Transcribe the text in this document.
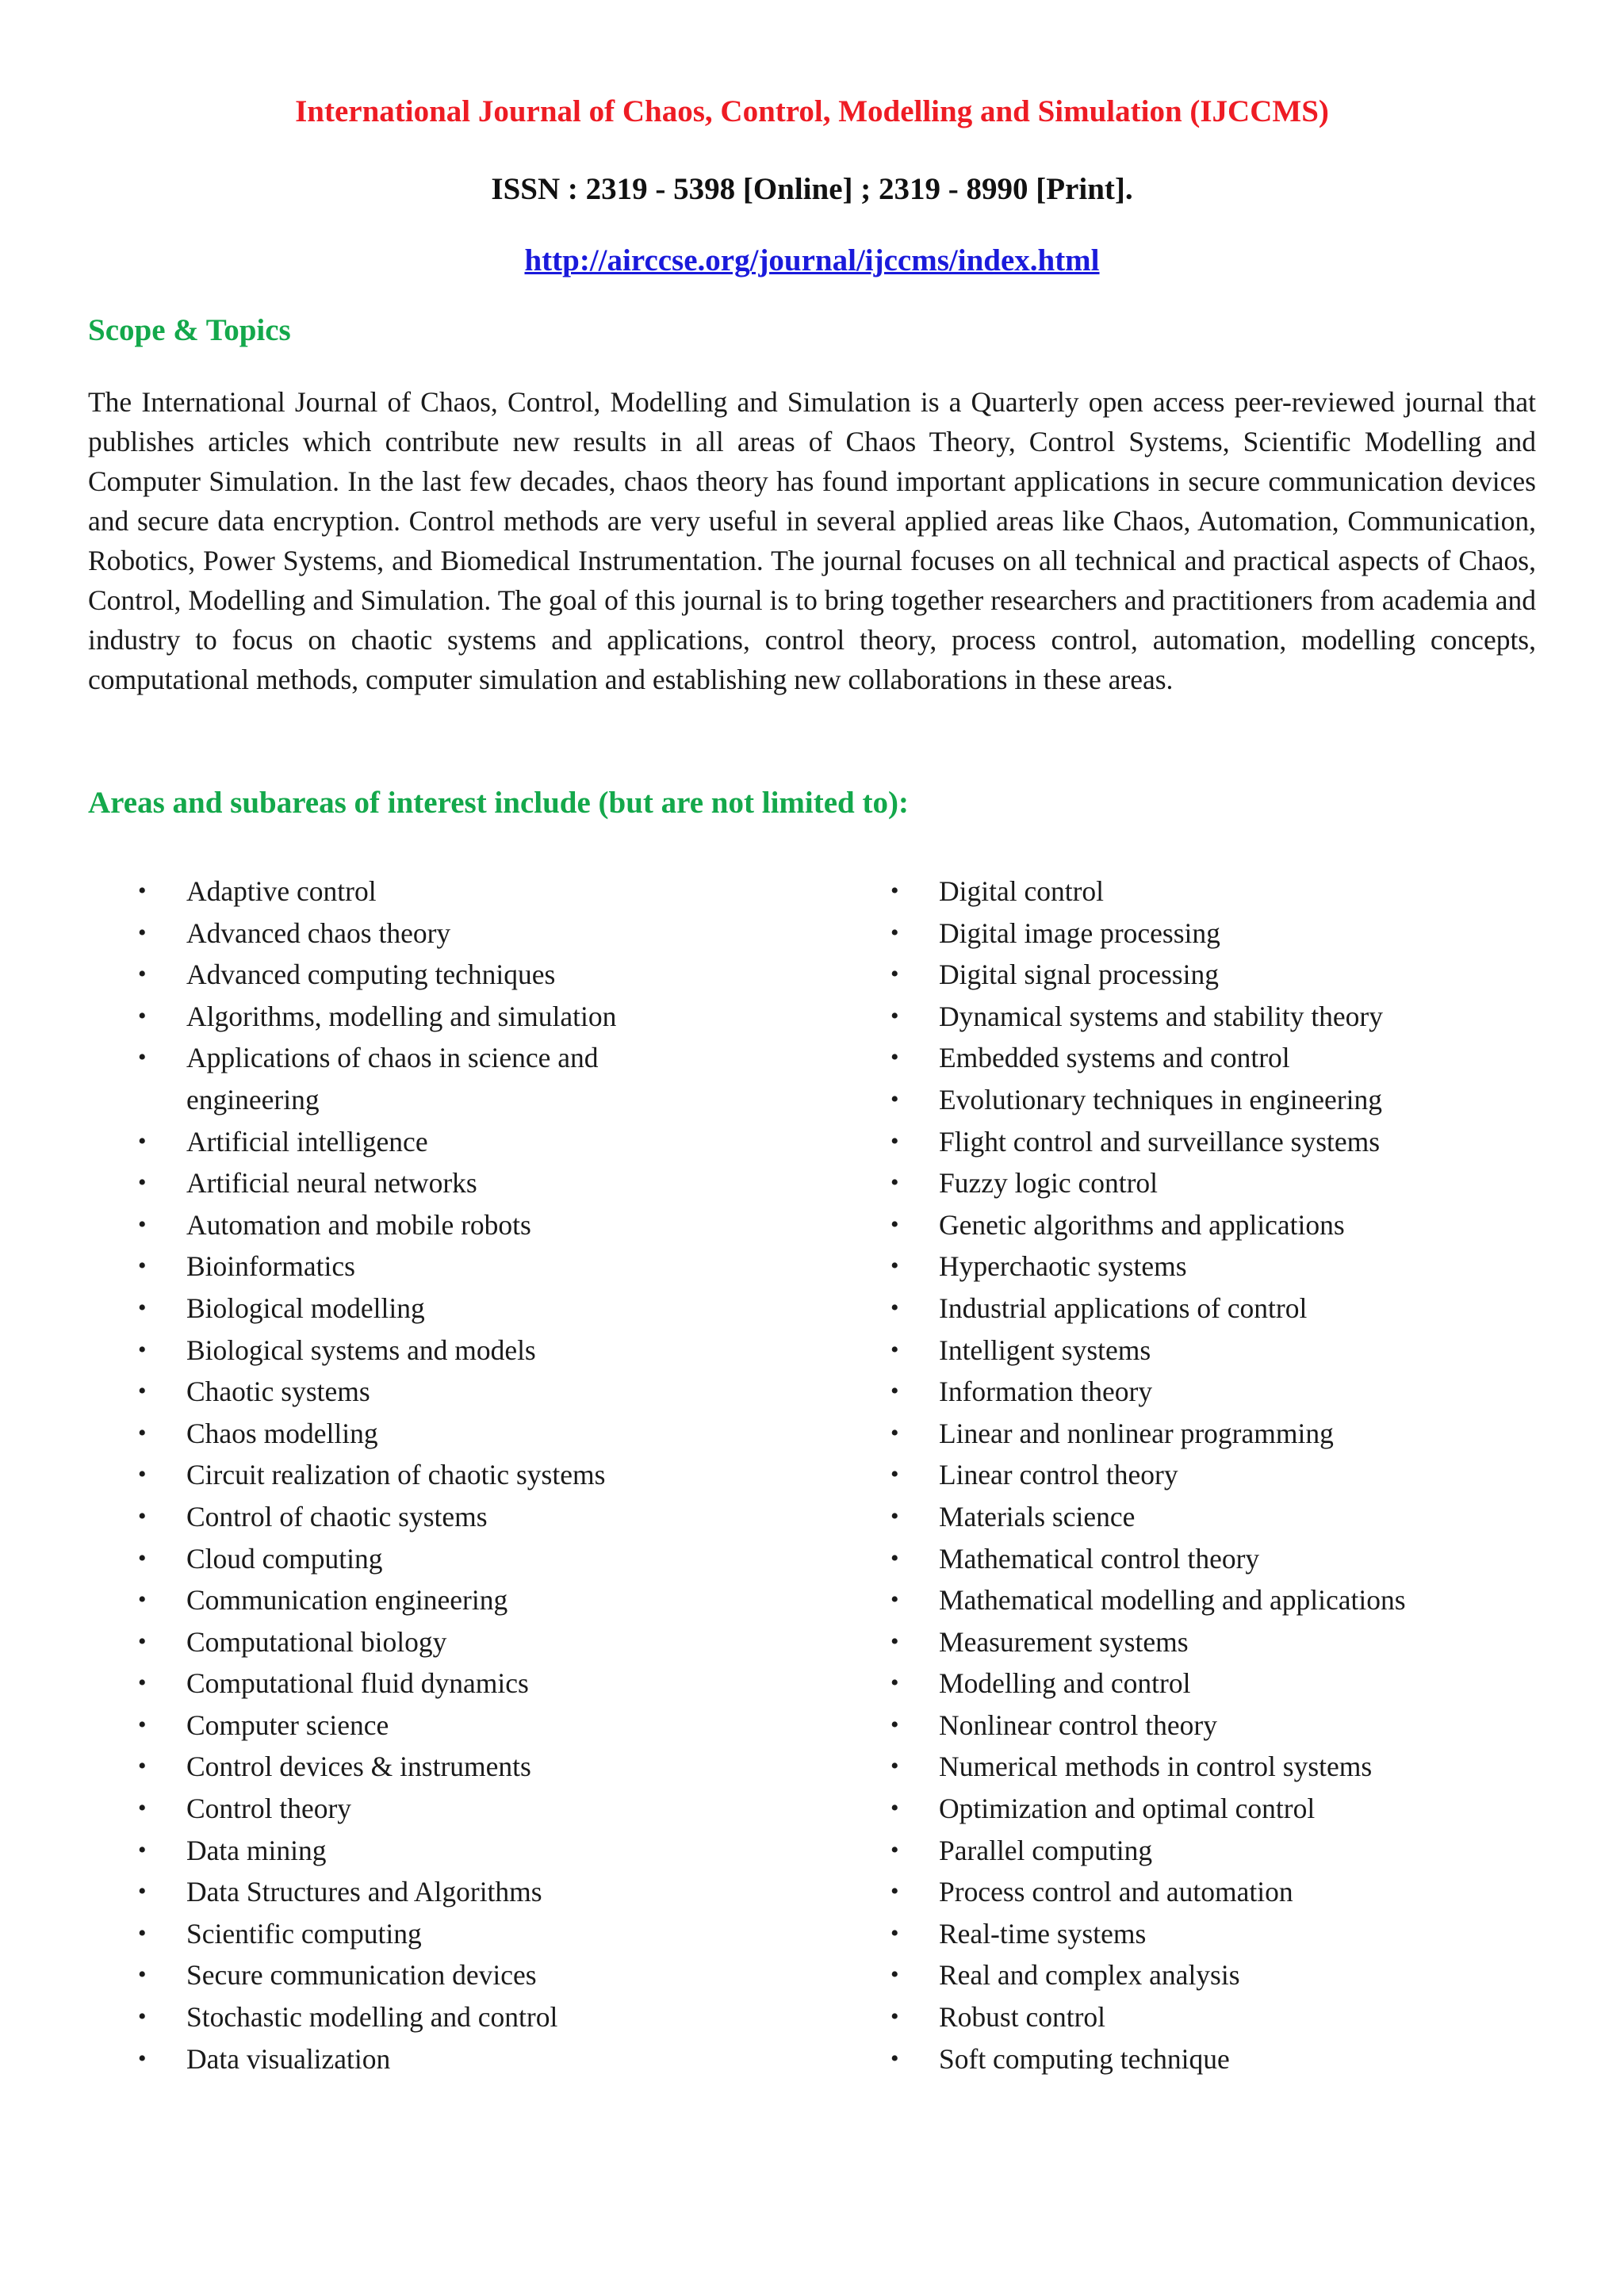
International Journal of Chaos, Control, Modelling and Simulation (IJCCMS)
ISSN : 2319 - 5398 [Online] ; 2319 - 8990 [Print].
http://airccse.org/journal/ijccms/index.html
Scope & Topics

The International Journal of Chaos, Control, Modelling and Simulation is a Quarterly open access peer-reviewed journal that publishes articles which contribute new results in all areas of Chaos Theory, Control Systems, Scientific Modelling and Computer Simulation. In the last few decades, chaos theory has found important applications in secure communication devices and secure data encryption. Control methods are very useful in several applied areas like Chaos, Automation, Communication, Robotics, Power Systems, and Biomedical Instrumentation. The journal focuses on all technical and practical aspects of Chaos, Control, Modelling and Simulation. The goal of this journal is to bring together researchers and practitioners from academia and industry to focus on chaotic systems and applications, control theory, process control, automation, modelling concepts, computational methods, computer simulation and establishing new collaborations in these areas.

Areas and subareas of interest include (but are not limited to):
• Adaptive control
• Advanced chaos theory
• Advanced computing techniques
• Algorithms, modelling and simulation
• Applications of chaos in science and engineering
• Artificial intelligence
• Artificial neural networks
• Automation and mobile robots
• Bioinformatics
• Biological modelling
• Biological systems and models
• Chaotic systems
• Chaos modelling
• Circuit realization of chaotic systems
• Control of chaotic systems
• Cloud computing
• Communication engineering
• Computational biology
• Computational fluid dynamics
• Computer science
• Control devices & instruments
• Control theory
• Data mining
• Data Structures and Algorithms
• Scientific computing
• Secure communication devices
• Stochastic modelling and control
• Data visualization
• Digital control
• Digital image processing
• Digital signal processing
• Dynamical systems and stability theory
• Embedded systems and control
• Evolutionary techniques in engineering
• Flight control and surveillance systems
• Fuzzy logic control
• Genetic algorithms and applications
• Hyperchaotic systems
• Industrial applications of control
• Intelligent systems
• Information theory
• Linear and nonlinear programming
• Linear control theory
• Materials science
• Mathematical control theory
• Mathematical modelling and applications
• Measurement systems
• Modelling and control
• Nonlinear control theory
• Numerical methods in control systems
• Optimization and optimal control
• Parallel computing
• Process control and automation
• Real-time systems
• Real and complex analysis
• Robust control
• Soft computing technique
